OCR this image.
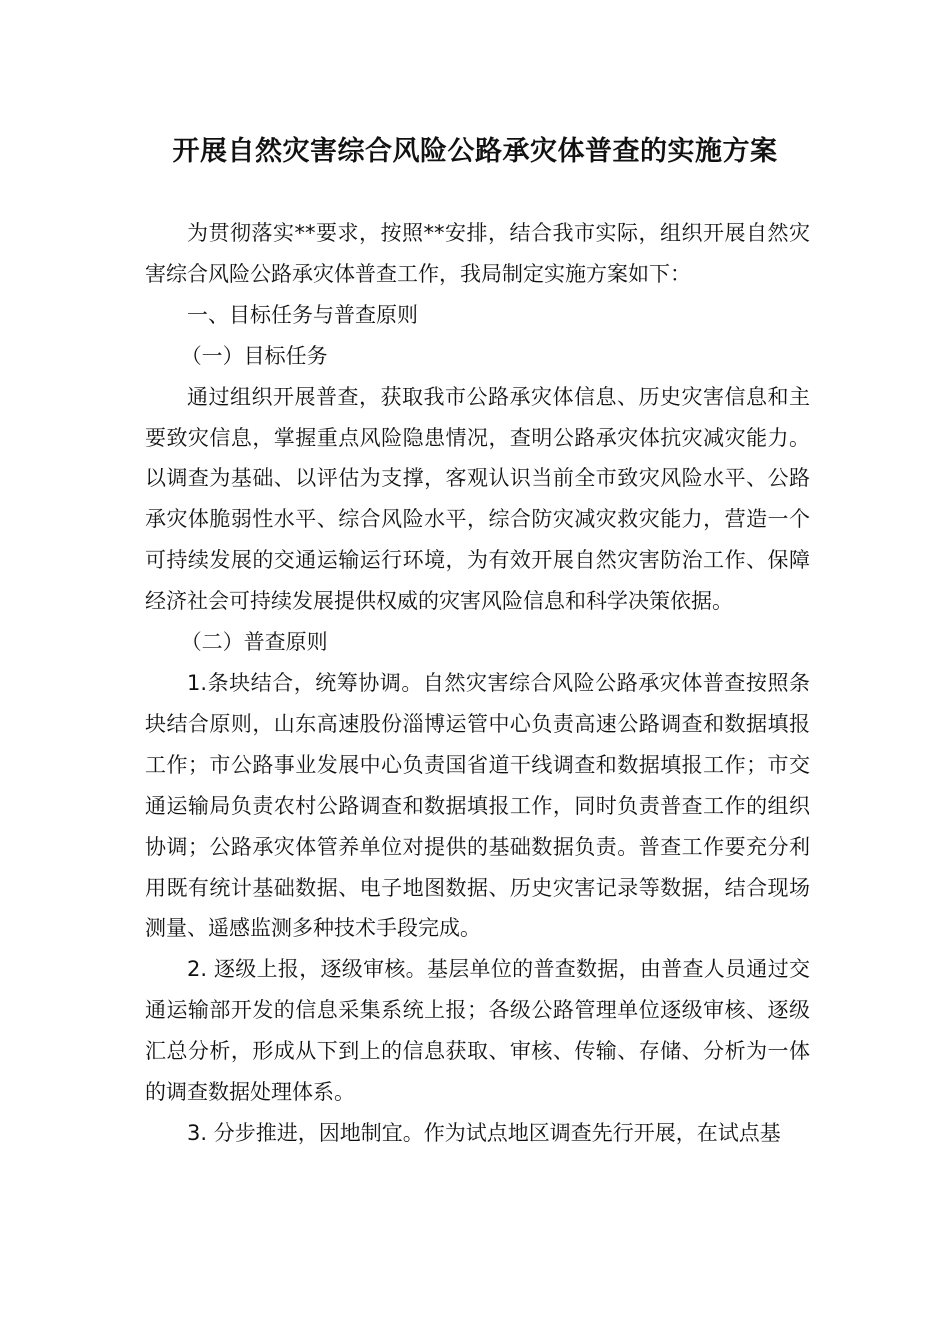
开展自然灾害综合风险公路承灾体普查的实施方案

为贯彻落实**要求，按照**安排，结合我市实际，组织开展自然灾害综合风险公路承灾体普查工作，我局制定实施方案如下：

一、目标任务与普查原则

（一）目标任务

通过组织开展普查，获取我市公路承灾体信息、历史灾害信息和主要致灾信息，掌握重点风险隐患情况，查明公路承灾体抗灾减灾能力。以调查为基础、以评估为支撑，客观认识当前全市致灾风险水平、公路承灾体脆弱性水平、综合风险水平，综合防灾减灾救灾能力，营造一个可持续发展的交通运输运行环境，为有效开展自然灾害防治工作、保障经济社会可持续发展提供权威的灾害风险信息和科学决策依据。

（二）普查原则

1.条块结合，统筹协调。自然灾害综合风险公路承灾体普查按照条块结合原则，山东高速股份淄博运管中心负责高速公路调查和数据填报工作；市公路事业发展中心负责国省道干线调查和数据填报工作；市交通运输局负责农村公路调查和数据填报工作，同时负责普查工作的组织协调；公路承灾体管养单位对提供的基础数据负责。普查工作要充分利用既有统计基础数据、电子地图数据、历史灾害记录等数据，结合现场测量、遥感监测多种技术手段完成。

2. 逐级上报，逐级审核。基层单位的普查数据，由普查人员通过交通运输部开发的信息采集系统上报；各级公路管理单位逐级审核、逐级汇总分析，形成从下到上的信息获取、审核、传输、存储、分析为一体的调查数据处理体系。

3. 分步推进，因地制宜。作为试点地区调查先行开展，在试点基
